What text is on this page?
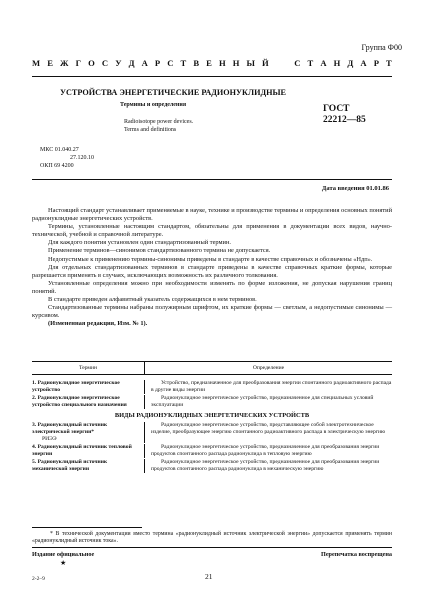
Группа Ф00
М Е Ж Г О С У Д А Р С Т В Е Н Н Ы Й

	С Т А Н Д А Р Т
УСТРОЙСТВА ЭНЕРГЕТИЧЕСКИЕ РАДИОНУКЛИДНЫЕ
Термины и определения
Radioisotope power devices.
Terms and definitions
ГОСТ
22212—85
МКС 01.040.27
27.120.10
ОКП 69 4200
Дата введения 01.01.86

Настоящий стандарт устанавливает применяемые в науке, технике и производстве термины и определения основных понятий радионуклидные энергетических устройств.

Термины, установленные настоящим стандартом, обязательны для применения в документации всех видов, научно-технической, учебной и справочной литературе.

Для каждого понятия установлен один стандартизованный термин.

Применение терминов—синонимов стандартизованного термина не допускается.

Недопустимые к применению термины-синонимы приведены в стандарте в качестве справочных и обозначены «Ндп».

Для отдельных стандартизованных терминов в стандарте приведены в качестве справочных краткие формы, которые разрешается применять в случаях, исключающих возможность их различного толкования.

Установленные определения можно при необходимости изменять по форме изложения, не допуская нарушения границ понятий.

В стандарте приведен алфавитный указатель содержащихся в нем терминов.

Стандартизованные термины набраны полужирным шрифтом, их краткие формы — светлым, а недопустимые синонимы — курсивом.

(Измененная редакция, Изм. № 1).

Термин	Определение
1. Радионуклидное энергетическое устройство
Устройство, предназначенное для преобразования энергии спонтанного радиоактивного распада в другие виды энергии
2. Радионуклидное энергетическое устройство специального назначения
Радионуклидное энергетическое устройство, предназначенное для специальных условий эксплуатации
ВИДЫ РАДИОНУКЛИДНЫХ ЭНЕРГЕТИЧЕСКИХ УСТРОЙСТВ
3. Радионуклидный источник электрической энергии*
РИЭЭ
Радионуклидное энергетическое устройство, представляющее собой электротехническое изделие, преобразующее энергию спонтанного радиоактивного распада в электрическую энергию
4. Радионуклидный источник тепловой энергии
Радионуклидное энергетическое устройство, предназначенное для преобразования энергии продуктов спонтанного распада радионуклида в тепловую энергию
5. Радионуклидный источник механической энергии
Радионуклидное энергетическое устройство, предназначенное для преобразования энергии продуктов спонтанного распада радионуклида в механическую энергию
* В технической документации вместо термина «радионуклидный источник электрической энергии» допускается применять термин «радионуклидный источник тока».
Издание официальное
★
Перепечатка воспрещена
21
2-2–9
